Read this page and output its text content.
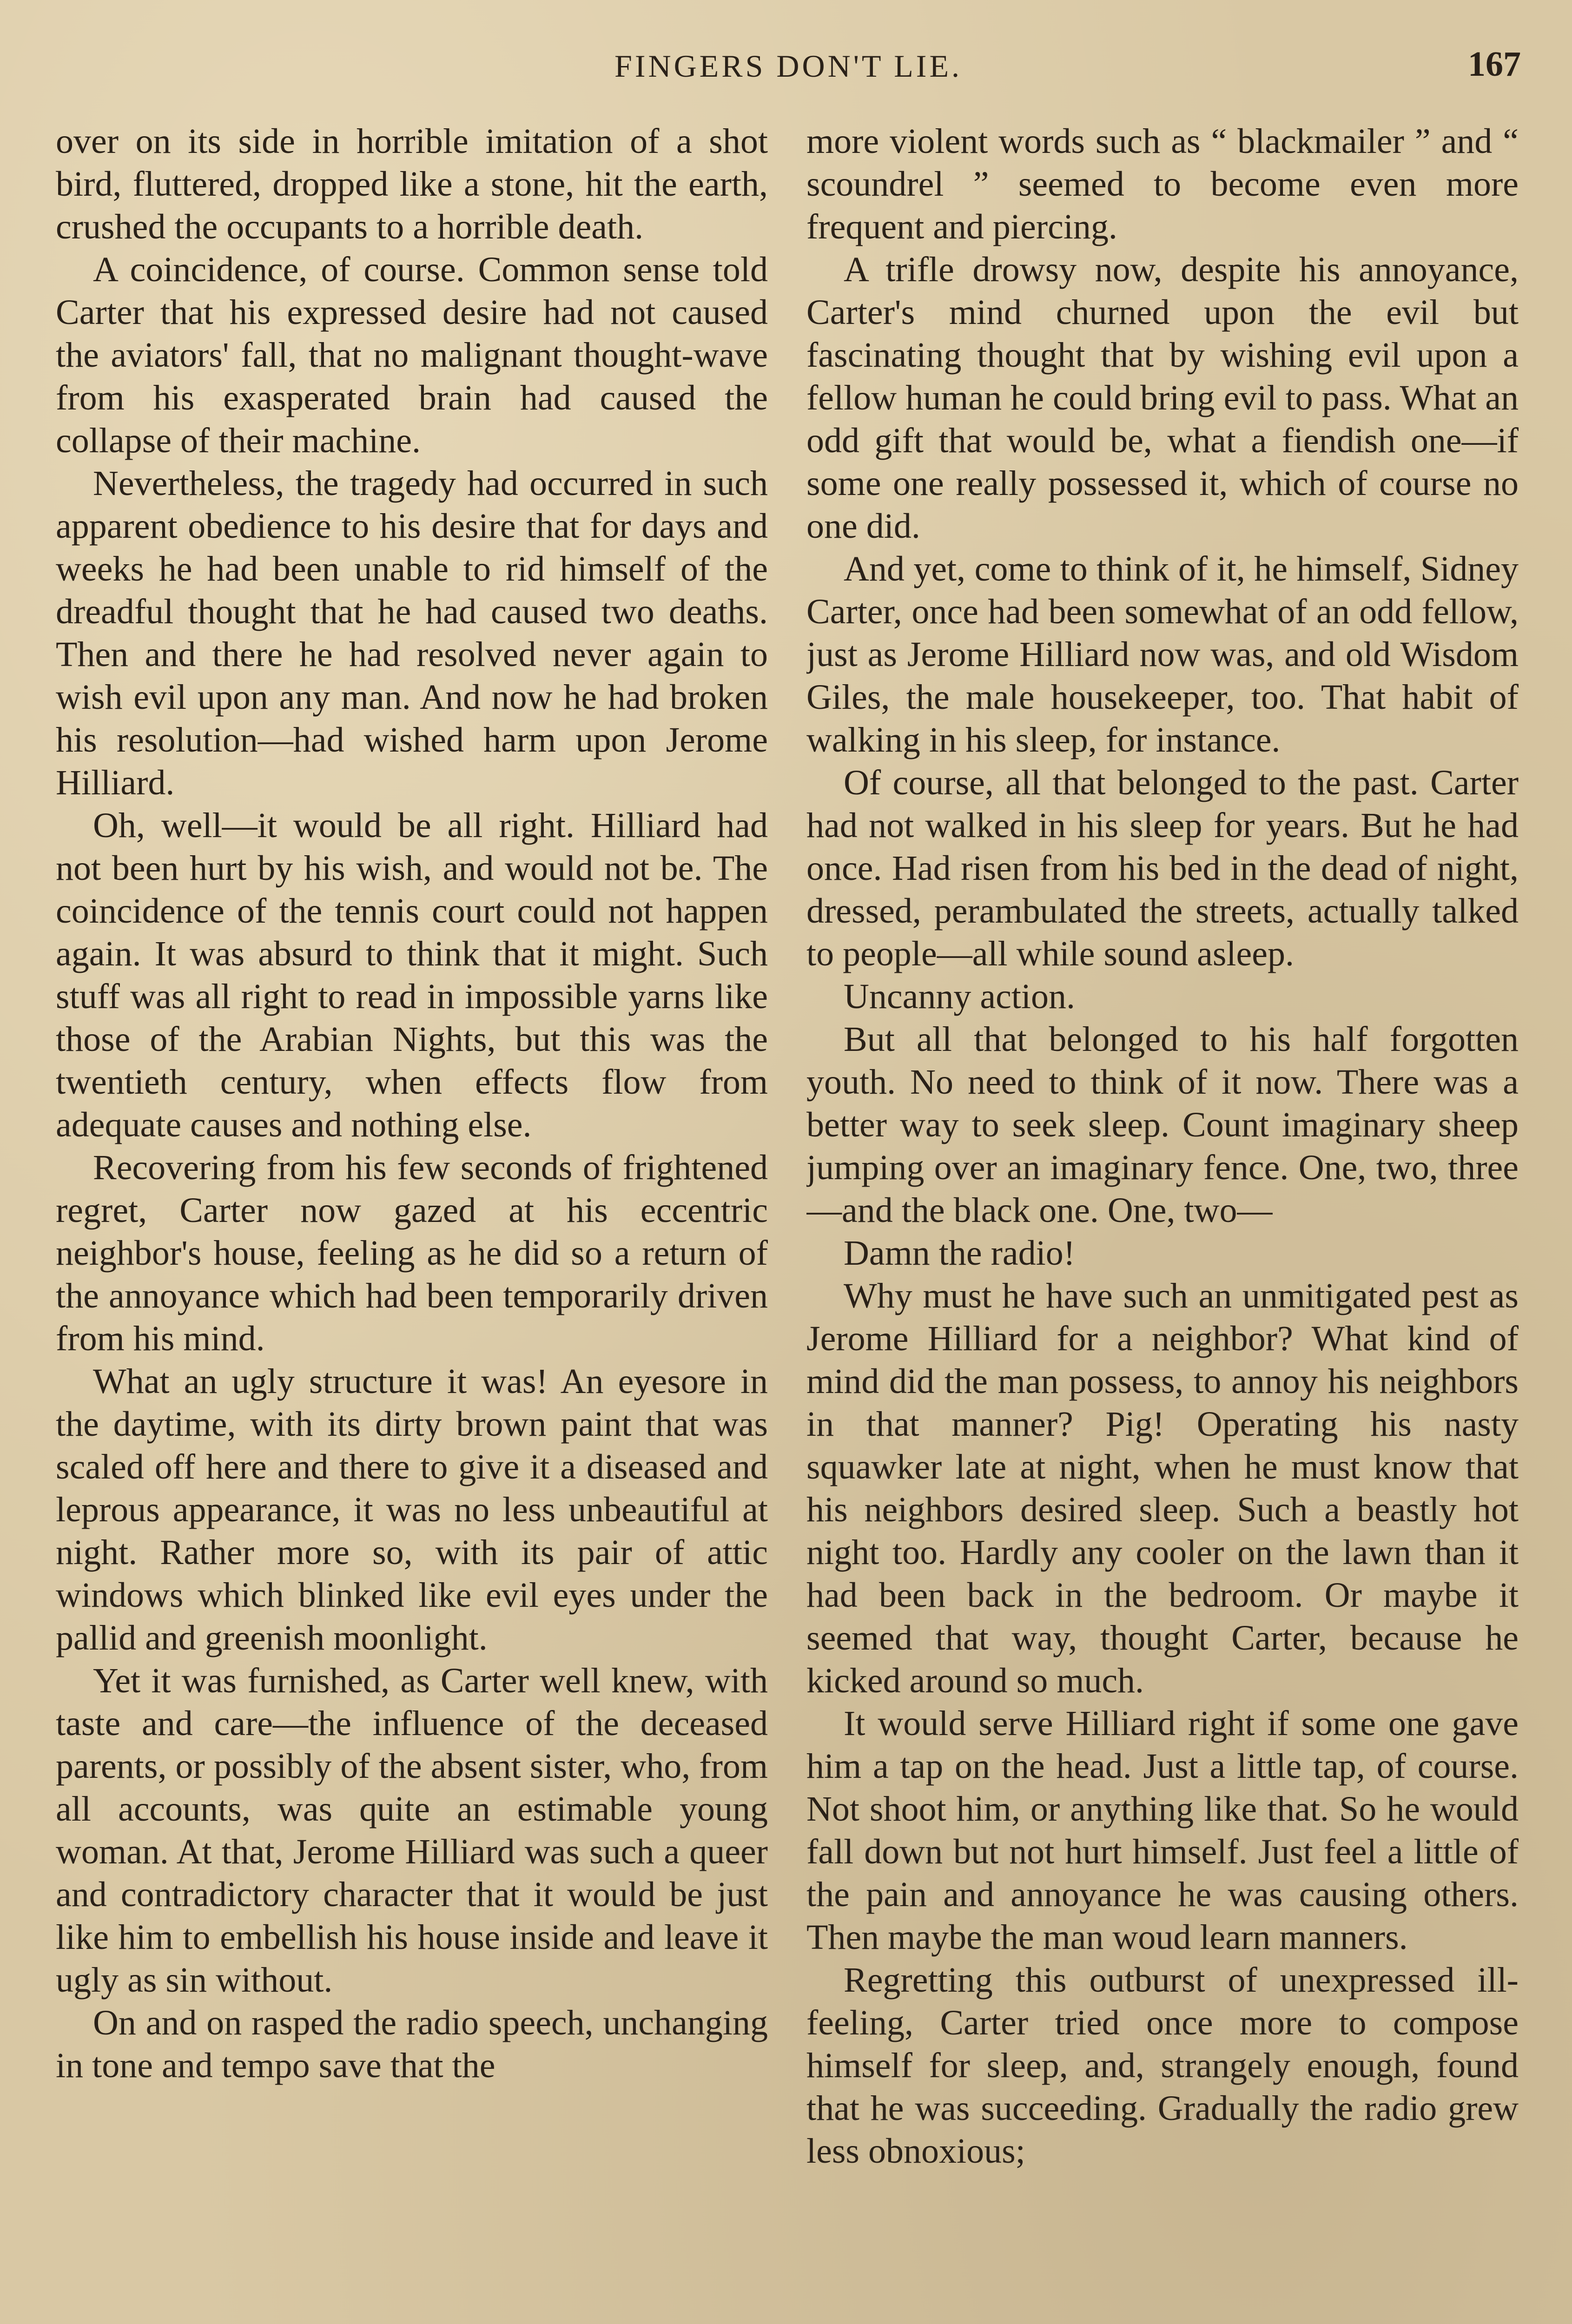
FINGERS DON'T LIE.	167

over on its side in horrible imitation of a shot bird, fluttered, dropped like a stone, hit the earth, crushed the occupants to a horrible death.

A coincidence, of course. Common sense told Carter that his expressed desire had not caused the aviators' fall, that no malignant thought-wave from his exasperated brain had caused the collapse of their machine.

Nevertheless, the tragedy had occurred in such apparent obedience to his desire that for days and weeks he had been unable to rid himself of the dreadful thought that he had caused two deaths. Then and there he had resolved never again to wish evil upon any man. And now he had broken his resolution—had wished harm upon Jerome Hilliard.

Oh, well—it would be all right. Hilliard had not been hurt by his wish, and would not be. The coincidence of the tennis court could not happen again. It was absurd to think that it might. Such stuff was all right to read in impossible yarns like those of the Arabian Nights, but this was the twentieth century, when effects flow from adequate causes and nothing else.

Recovering from his few seconds of frightened regret, Carter now gazed at his eccentric neighbor's house, feeling as he did so a return of the annoyance which had been temporarily driven from his mind.

What an ugly structure it was! An eyesore in the daytime, with its dirty brown paint that was scaled off here and there to give it a diseased and leprous appearance, it was no less unbeautiful at night. Rather more so, with its pair of attic windows which blinked like evil eyes under the pallid and greenish moonlight.

Yet it was furnished, as Carter well knew, with taste and care—the influence of the deceased parents, or possibly of the absent sister, who, from all accounts, was quite an estimable young woman. At that, Jerome Hilliard was such a queer and contradictory character that it would be just like him to embellish his house inside and leave it ugly as sin without.

On and on rasped the radio speech, unchanging in tone and tempo save that the

more violent words such as “ blackmailer ” and “ scoundrel ” seemed to become even more frequent and piercing.

A trifle drowsy now, despite his annoyance, Carter's mind churned upon the evil but fascinating thought that by wishing evil upon a fellow human he could bring evil to pass. What an odd gift that would be, what a fiendish one—if some one really possessed it, which of course no one did.

And yet, come to think of it, he himself, Sidney Carter, once had been somewhat of an odd fellow, just as Jerome Hilliard now was, and old Wisdom Giles, the male housekeeper, too. That habit of walking in his sleep, for instance.

Of course, all that belonged to the past. Carter had not walked in his sleep for years. But he had once. Had risen from his bed in the dead of night, dressed, perambulated the streets, actually talked to people—all while sound asleep.

Uncanny action.

But all that belonged to his half forgotten youth. No need to think of it now. There was a better way to seek sleep. Count imaginary sheep jumping over an imaginary fence. One, two, three—and the black one. One, two—

Damn the radio!

Why must he have such an unmitigated pest as Jerome Hilliard for a neighbor? What kind of mind did the man possess, to annoy his neighbors in that manner? Pig! Operating his nasty squawker late at night, when he must know that his neighbors desired sleep. Such a beastly hot night too. Hardly any cooler on the lawn than it had been back in the bedroom. Or maybe it seemed that way, thought Carter, because he kicked around so much.

It would serve Hilliard right if some one gave him a tap on the head. Just a little tap, of course. Not shoot him, or anything like that. So he would fall down but not hurt himself. Just feel a little of the pain and annoyance he was causing others. Then maybe the man woud learn manners.

Regretting this outburst of unexpressed ill-feeling, Carter tried once more to compose himself for sleep, and, strangely enough, found that he was succeeding. Gradually the radio grew less obnoxious;
